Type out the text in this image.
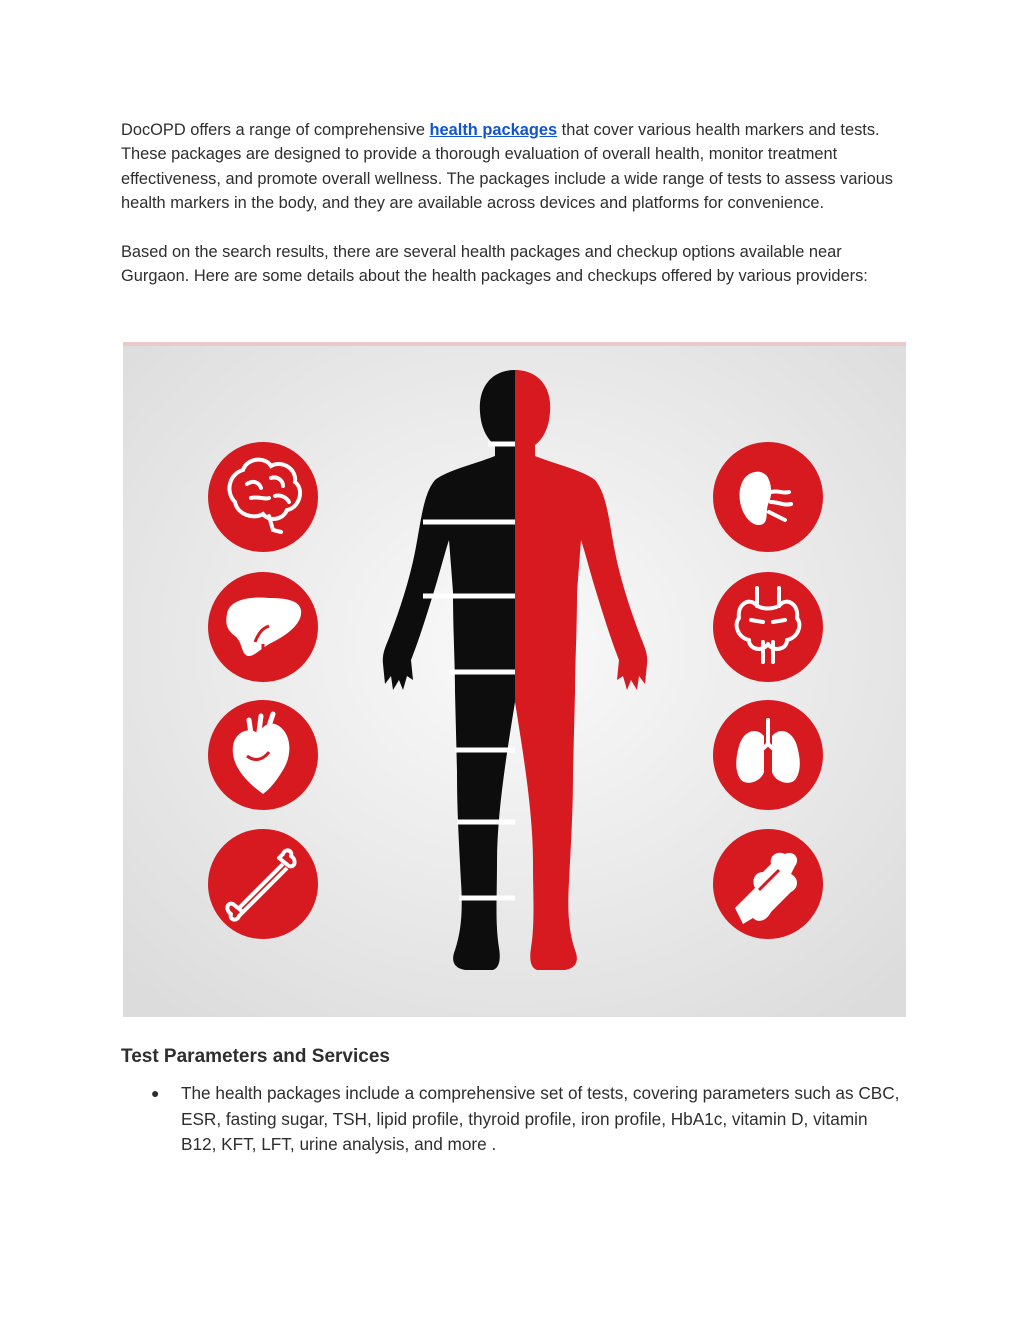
DocOPD offers a range of comprehensive health packages that cover various health markers and tests. These packages are designed to provide a thorough evaluation of overall health, monitor treatment effectiveness, and promote overall wellness. The packages include a wide range of tests to assess various health markers in the body, and they are available across devices and platforms for convenience.

Based on the search results, there are several health packages and checkup options available near Gurgaon. Here are some details about the health packages and checkups offered by various providers:

Test Parameters and Services
● The health packages include a comprehensive set of tests, covering parameters such as CBC, ESR, fasting sugar, TSH, lipid profile, thyroid profile, iron profile, HbA1c, vitamin D, vitamin B12, KFT, LFT, urine analysis, and more .
